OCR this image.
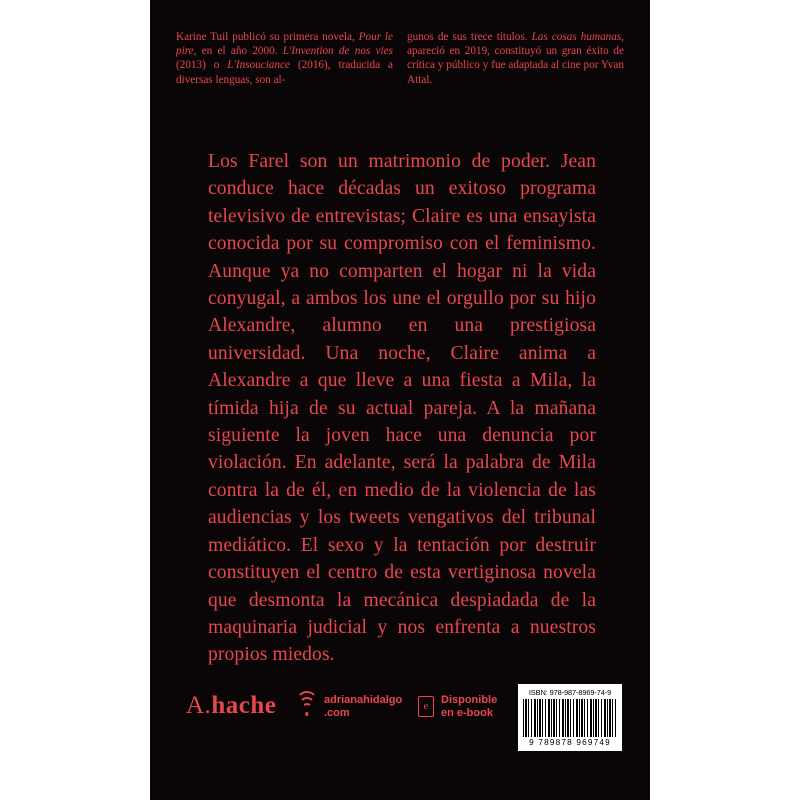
Karine Tuil publicó su primera novela, Pour le pire, en el año 2000. L'Invention de nos vies (2013) o L'Insouciance (2016), traducida a diversas lenguas, son al-
gunos de sus trece títulos. Las cosas humanas, apareció en 2019, constituyó un gran éxito de crítica y público y fue adaptada al cine por Yvan Attal.
Los Farel son un matrimonio de poder. Jean conduce hace décadas un exitoso programa televisivo de entrevistas; Claire es una ensayista conocida por su compromiso con el feminismo. Aunque ya no comparten el hogar ni la vida conyugal, a ambos los une el orgullo por su hijo Alexandre, alumno en una prestigiosa universidad. Una noche, Claire anima a Alexandre a que lleve a una fiesta a Mila, la tímida hija de su actual pareja. A la mañana siguiente la joven hace una denuncia por violación. En adelante, será la palabra de Mila contra la de él, en medio de la violencia de las audiencias y los tweets vengativos del tribunal mediático. El sexo y la tentación por destruir constituyen el centro de esta vertiginosa novela que desmonta la mecánica despiadada de la maquinaria judicial y nos enfrenta a nuestros propios miedos.
A.hache	adrianahidalgo
.com
e
Disponible
en e-book
ISBN: 978-987-8969-74-9
9 789878 969749
